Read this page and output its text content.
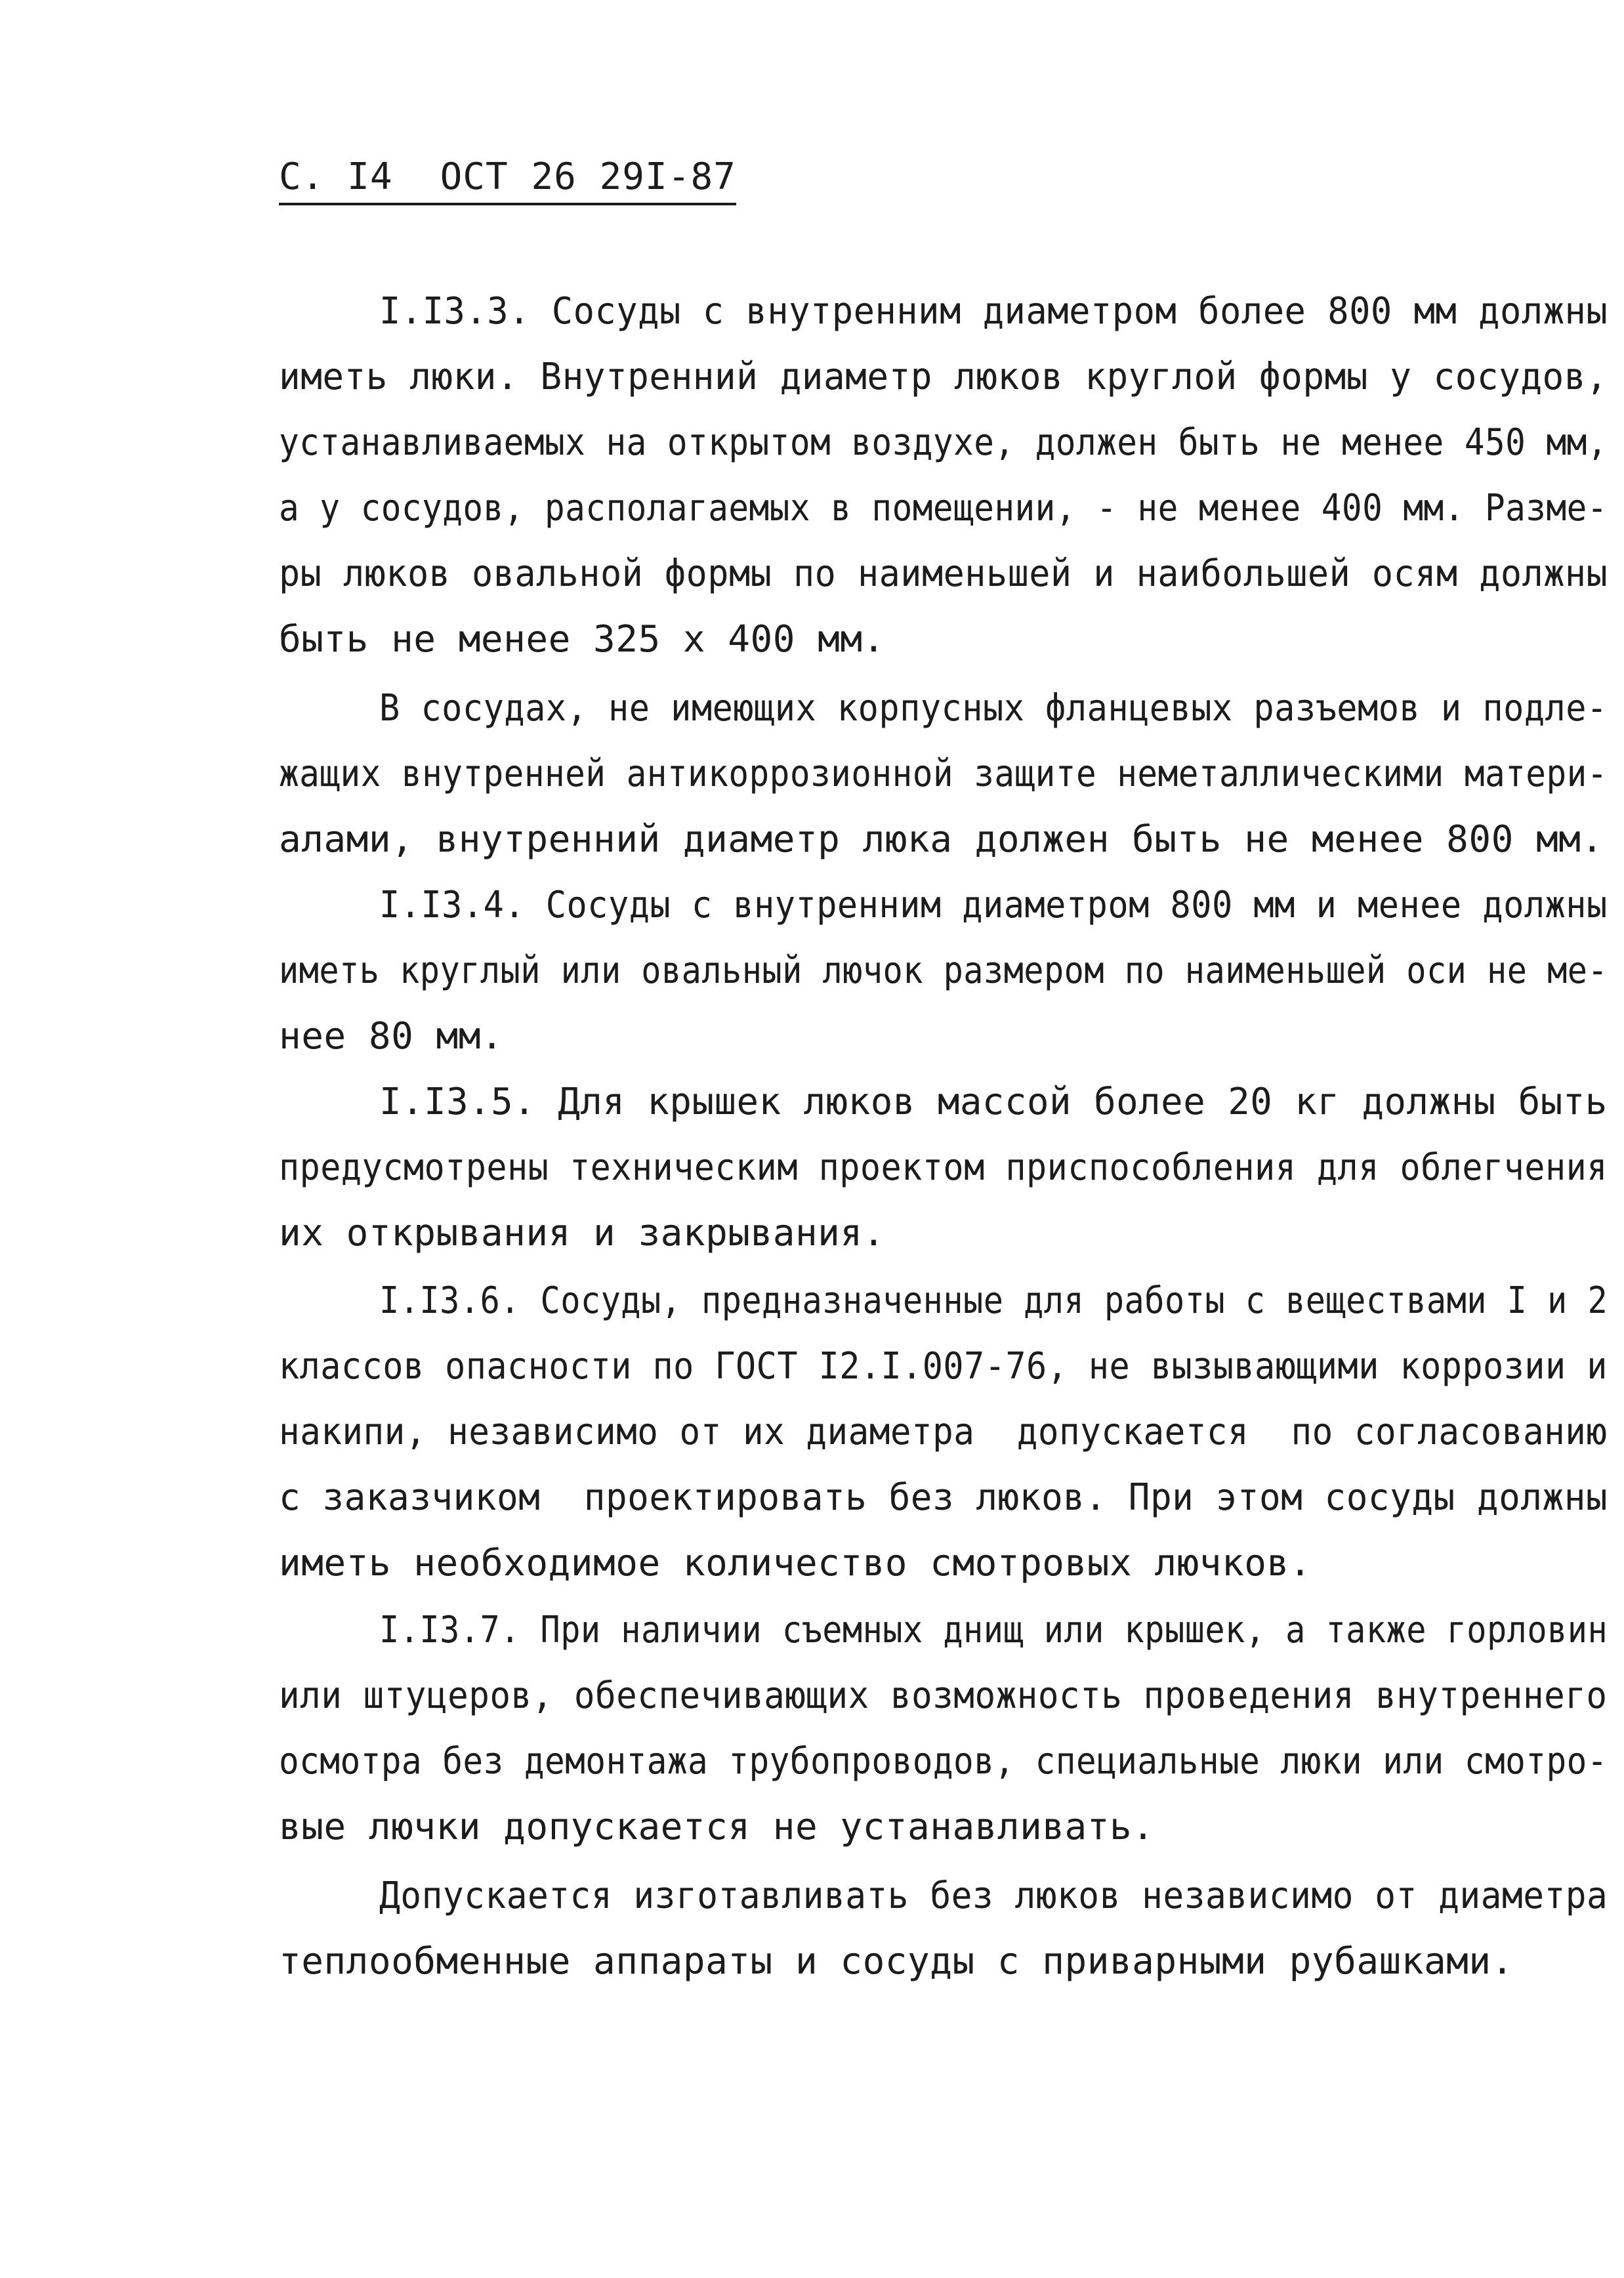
С. I4 ОСТ 26 29I-87
I.I3.3. Сосуды с внутренним диаметром более 800 мм должны
иметь люки. Внутренний диаметр люков круглой формы у сосудов,
устанавливаемых на открытом воздухе, должен быть не менее 450 мм,
а у сосудов, располагаемых в помещении, - не менее 400 мм. Разме-
ры люков овальной формы по наименьшей и наибольшей осям должны
быть не менее 325 х 400 мм.
В сосудах, не имеющих корпусных фланцевых разъемов и подле-
жащих внутренней антикоррозионной защите неметаллическими матери-
алами, внутренний диаметр люка должен быть не менее 800 мм.
I.I3.4. Сосуды с внутренним диаметром 800 мм и менее должны
иметь круглый или овальный лючок размером по наименьшей оси не ме-
нее 80 мм.
I.I3.5. Для крышек люков массой более 20 кг должны быть
предусмотрены техническим проектом приспособления для облегчения
их открывания и закрывания.
I.I3.6. Сосуды, предназначенные для работы с веществами I и 2
классов опасности по ГОСТ I2.I.007-76, не вызывающими коррозии и
накипи, независимо от их диаметра  допускается  по согласованию
с заказчиком  проектировать без люков. При этом сосуды должны
иметь необходимое количество смотровых лючков.
I.I3.7. При наличии съемных днищ или крышек, а также горловин
или штуцеров, обеспечивающих возможность проведения внутреннего
осмотра без демонтажа трубопроводов, специальные люки или смотро-
вые лючки допускается не устанавливать.
Допускается изготавливать без люков независимо от диаметра
теплообменные аппараты и сосуды с приварными рубашками.
